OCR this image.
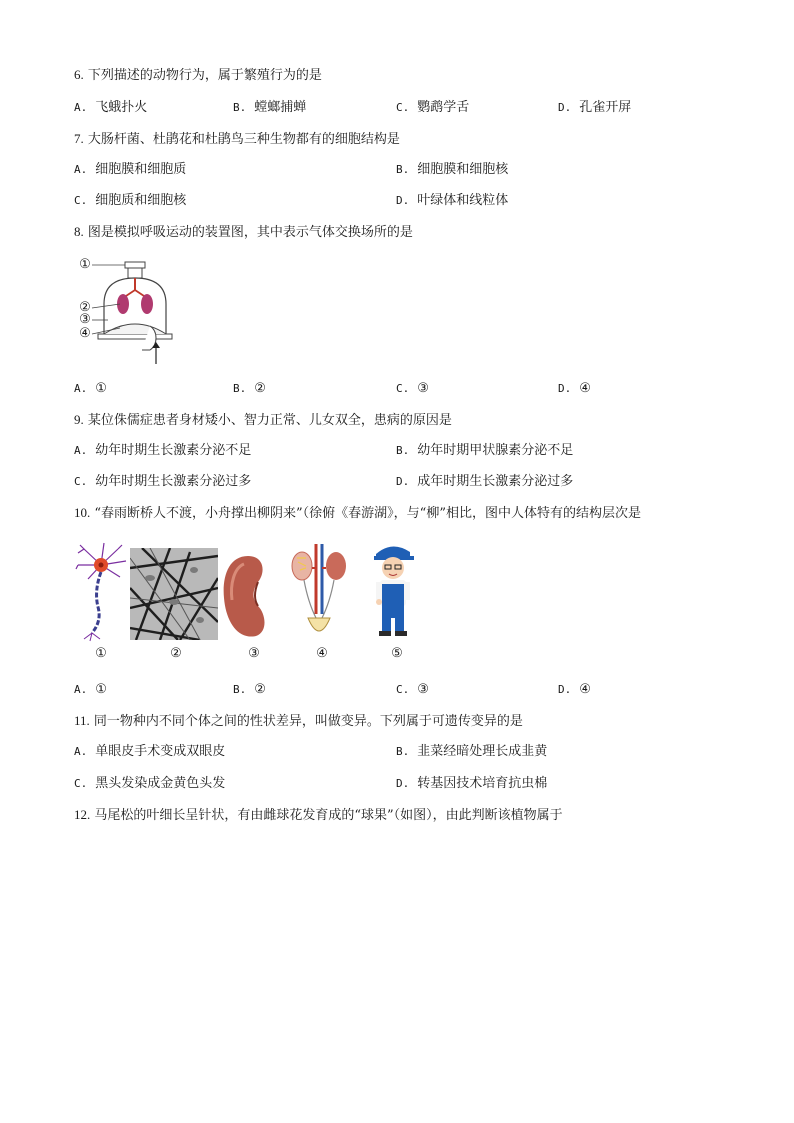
6. 下列描述的动物行为，属于繁殖行为的是
A. 飞蛾扑火	B. 螳螂捕蝉	C. 鹦鹉学舌	D. 孔雀开屏
7. 大肠杆菌、杜鹃花和杜鹃鸟三种生物都有的细胞结构是
A. 细胞膜和细胞质	B. 细胞膜和细胞核
C. 细胞质和细胞核	D. 叶绿体和线粒体
8. 图是模拟呼吸运动的装置图，其中表示气体交换场所的是
①
②
③
④
A. ①	B. ②	C. ③	D. ④
9. 某位侏儒症患者身材矮小、智力正常、儿女双全，患病的原因是
A. 幼年时期生长激素分泌不足	B. 幼年时期甲状腺素分泌不足
C. 幼年时期生长激素分泌过多	D. 成年时期生长激素分泌过多
10. “春雨断桥人不渡，小舟撑出柳阴来”（徐俯《春游湖》，与“柳”相比，图中人体特有的结构层次是
①	②	③	④	⑤
A. ①	B. ②	C. ③	D. ④
11. 同一物种内不同个体之间的性状差异，叫做变异。下列属于可遗传变异的是
A. 单眼皮手术变成双眼皮	B. 韭菜经暗处理长成韭黄
C. 黑头发染成金黄色头发	D. 转基因技术培育抗虫棉
12. 马尾松的叶细长呈针状，有由雌球花发育成的“球果”（如图），由此判断该植物属于
